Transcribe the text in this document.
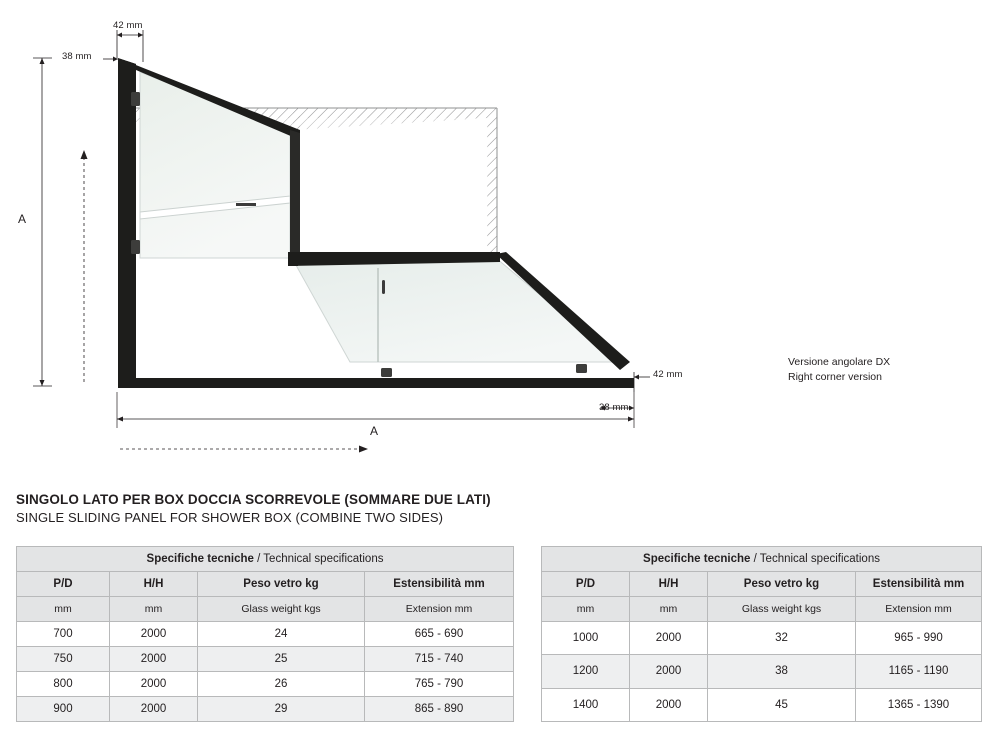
42 mm
38 mm
A
A
42 mm
38 mm
Versione angolare DX
Right corner version

SINGOLO LATO PER BOX DOCCIA SCORREVOLE (SOMMARE DUE LATI)

SINGLE SLIDING PANEL FOR SHOWER BOX (COMBINE TWO SIDES)

Specifiche tecniche / Technical specifications			
P/D	H/H	Peso vetro kg	Estensibilità mm
mm	mm	Glass weight kgs	Extension mm
700	2000	24	665 - 690
750	2000	25	715 - 740
800	2000	26	765 - 790
900	2000	29	865 - 890
Specifiche tecniche / Technical specifications			
P/D	H/H	Peso vetro kg	Estensibilità mm
mm	mm	Glass weight kgs	Extension mm
1000	2000	32	965 - 990
1200	2000	38	1165 - 1190
1400	2000	45	1365 - 1390
